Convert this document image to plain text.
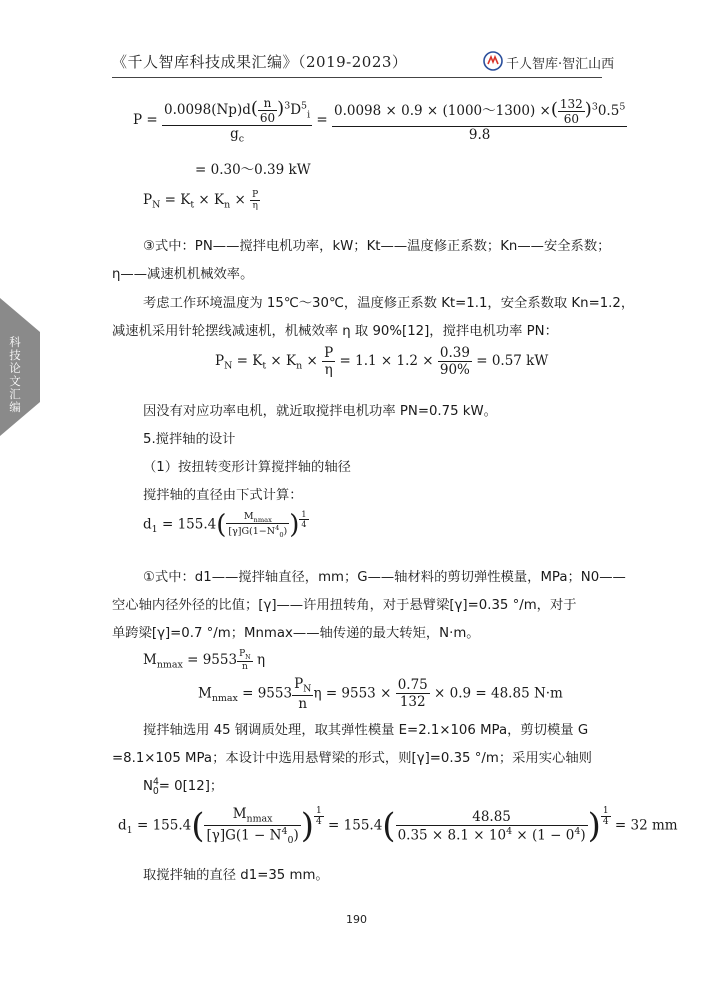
《千人智库科技成果汇编》（2019-2023）	千人智库·智汇山西
科技论文汇编
$P = \frac{0.0098(Np)d( \frac{n}{60} )^3D^5_i}{g_c} = \frac{0.0098 \times 0.9 \times (1000\sim 1300) \times( \frac{132}{60} )^30.5^5}{9.8}$
= 0.30～0.39 kW
$P_N = K_t \times K_n \times \frac{P}{\eta}$
③式中：PN——搅拌电机功率，kW；Kt——温度修正系数；Kn——安全系数；
η——减速机机械效率。
考虑工作环境温度为 15℃～30℃，温度修正系数 Kt=1.1，安全系数取 Kn=1.2，
减速机采用针轮摆线减速机，机械效率 η 取 90%[12]，搅拌电机功率 PN：
$P_N = K_t \times K_n \times \frac{P}{\eta} = 1.1 \times 1.2 \times \frac{0.39}{90\%} = 0.57$ kW
因没有对应功率电机，就近取搅拌电机功率 PN=0.75 kW。
5.搅拌轴的设计
（1）按扭转变形计算搅拌轴的轴径
搅拌轴的直径由下式计算：
$d_1 = 155.4( \frac{M_{nmax}}{[\gamma]G(1-N^4_0)}$ ) $\frac{1}{4}$
①式中：d1——搅拌轴直径，mm；G——轴材料的剪切弹性模量，MPa；N0——
空心轴内径外径的比值；[γ]——许用扭转角，对于悬臂梁[γ]=0.35 °/m，对于
单跨梁[γ]=0.7 °/m；Mnmax——轴传递的最大转矩，N·m。
$M_{nmax} = 9553 \frac{P_N}{n}$ η
$M_{nmax} = 9553 \frac{P_N}{n}$ $\eta = 9553 \times \frac{0.75}{132} \times 0.9 = 48.85$ N·m
搅拌轴选用 45 钢调质处理，取其弹性模量 E=2.1×106 MPa，剪切模量 G
=8.1×105 MPa；本设计中选用悬臂梁的形式，则[γ]=0.35 °/m；采用实心轴则
$N^4_0= 0[12]$；
$d_1 = 155.4( \frac{M_{nmax}}{[\gamma]G(1 - N^4_0)}$ ) $\frac{1}{4} = 155.4( \frac{48.85}{0.35 \times 8.1 \times 10^4 \times (1 - 0^4)}$ ) $\frac{1}{4} = 32$ mm
取搅拌轴的直径 d1=35 mm。
190
